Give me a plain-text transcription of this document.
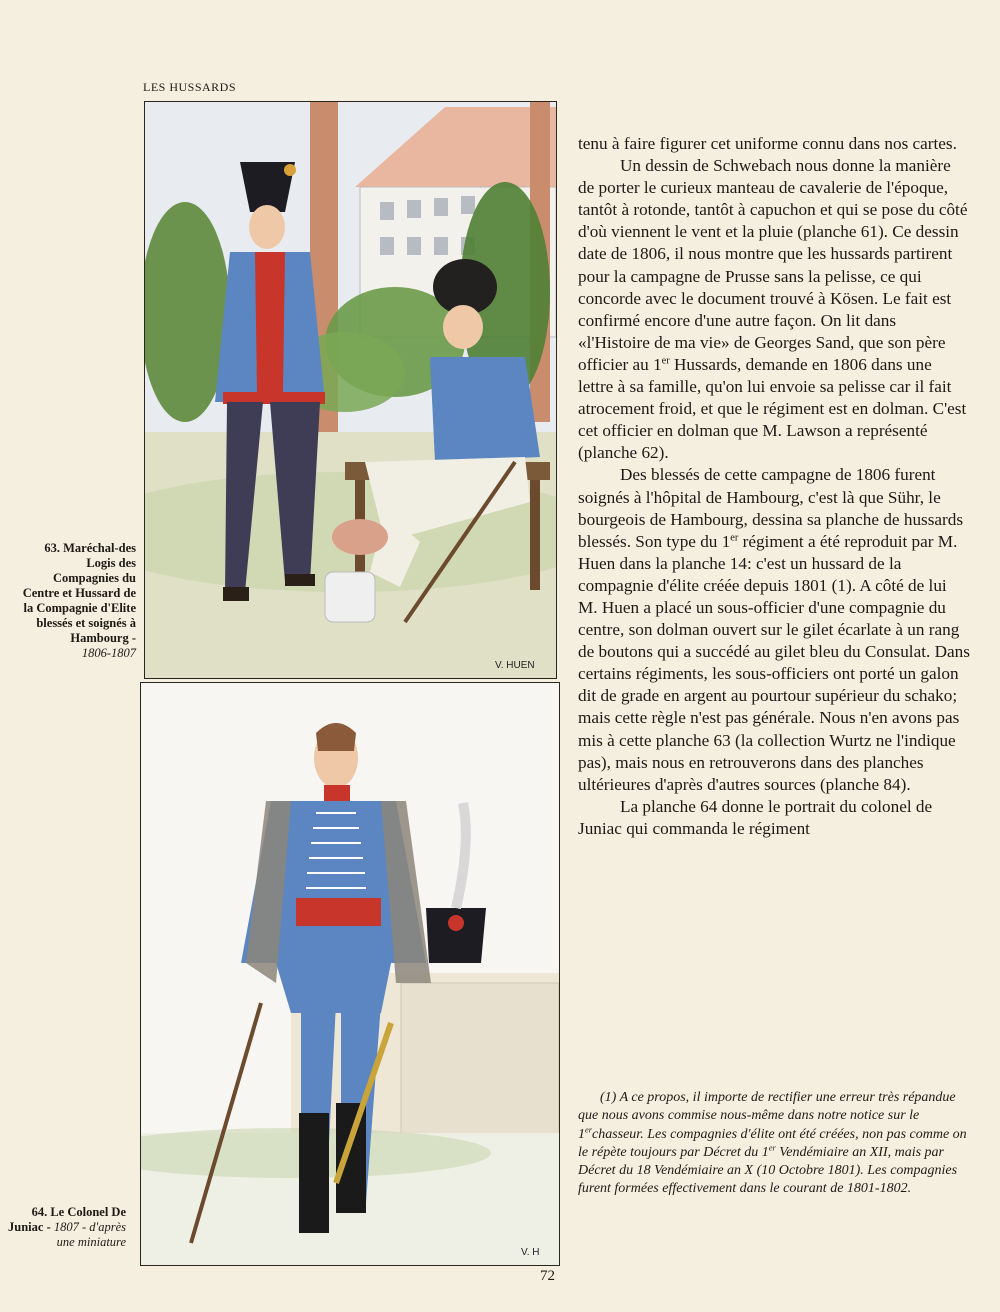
LES HUSSARDS
V. HUEN
63. Maréchal-des Logis des Compagnies du Centre et Hussard de la Compagnie d'Elite blessés et soignés à Hambourg -
1806-1807
V. H
64. Le Colonel De Juniac - 1807 - d'après une miniature

tenu à faire figurer cet uniforme connu dans nos cartes.

Un dessin de Schwebach nous donne la manière de porter le curieux manteau de cavalerie de l'époque, tantôt à rotonde, tantôt à capuchon et qui se pose du côté d'où viennent le vent et la pluie (planche 61). Ce dessin date de 1806, il nous montre que les hussards partirent pour la campagne de Prusse sans la pelisse, ce qui concorde avec le document trouvé à Kösen. Le fait est confirmé encore d'une autre façon. On lit dans «l'Histoire de ma vie» de Georges Sand, que son père officier au 1er Hussards, demande en 1806 dans une lettre à sa famille, qu'on lui envoie sa pelisse car il fait atrocement froid, et que le régiment est en dolman. C'est cet officier en dolman que M. Lawson a représenté (planche 62).

Des blessés de cette campagne de 1806 furent soignés à l'hôpital de Hambourg, c'est là que Sühr, le bourgeois de Hambourg, dessina sa planche de hussards blessés. Son type du 1er régiment a été reproduit par M. Huen dans la planche 14: c'est un hussard de la compagnie d'élite créée depuis 1801 (1). A côté de lui M. Huen a placé un sous-officier d'une compagnie du centre, son dolman ouvert sur le gilet écarlate à un rang de boutons qui a succédé au gilet bleu du Consulat. Dans certains régiments, les sous-officiers ont porté un galon dit de grade en argent au pourtour supérieur du schako; mais cette règle n'est pas générale. Nous n'en avons pas mis à cette planche 63 (la collection Wurtz ne l'indique pas), mais nous en retrouverons dans des planches ultérieures d'après d'autres sources (planche 84).

La planche 64 donne le portrait du colonel de Juniac qui commanda le régiment

(1) A ce propos, il importe de rectifier une erreur très répandue que nous avons commise nous-même dans notre notice sur le 1erchasseur. Les compagnies d'élite ont été créées, non pas comme on le répète toujours par Décret du 1er Vendémiaire an XII, mais par Décret du 18 Vendémiaire an X (10 Octobre 1801). Les compagnies furent formées effectivement dans le courant de 1801-1802.
72
